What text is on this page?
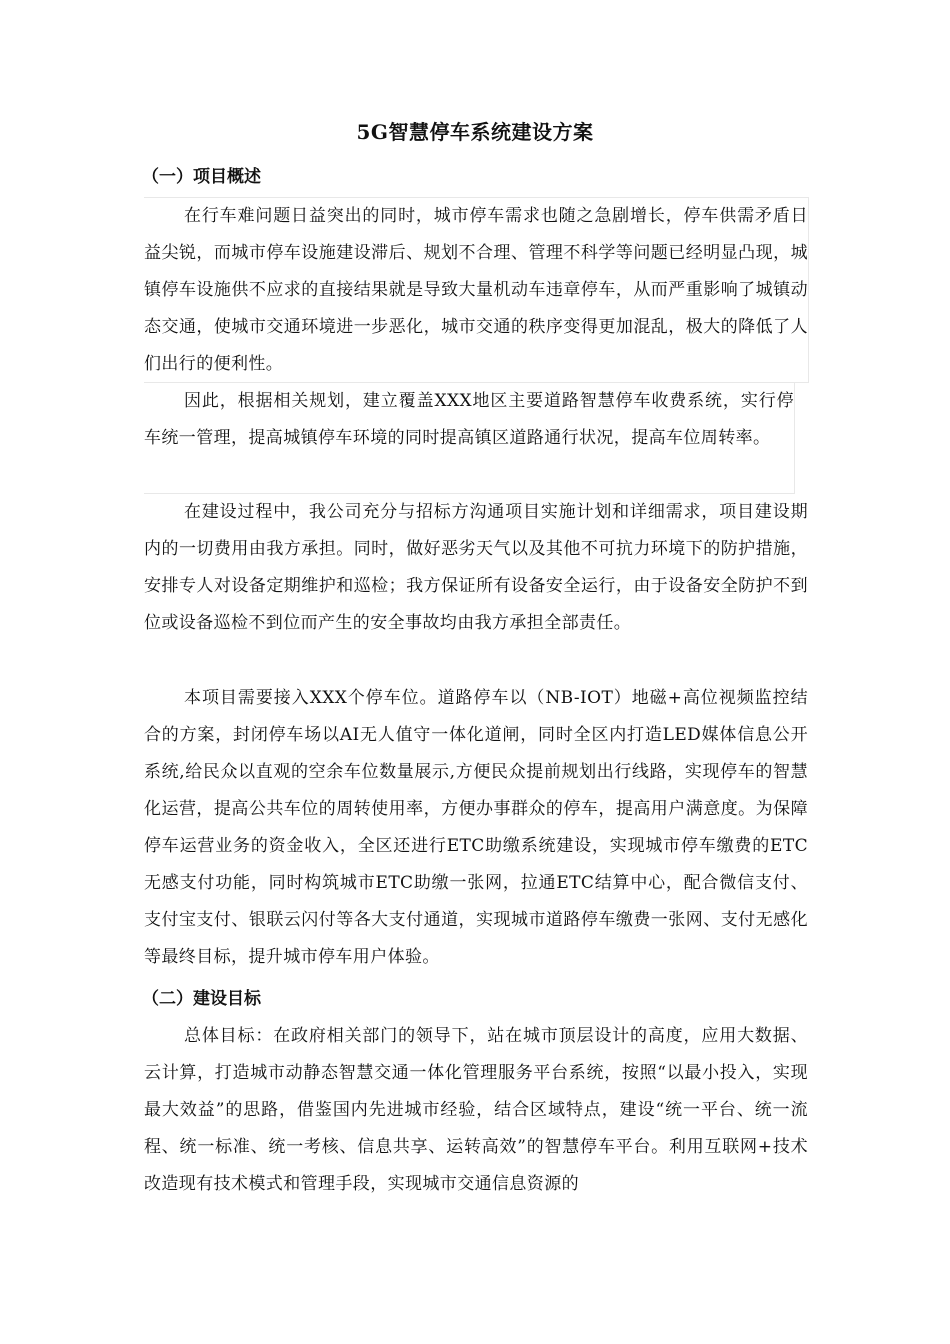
5G智慧停车系统建设方案
（一）项目概述
在行车难问题日益突出的同时，城市停车需求也随之急剧增长，停车供需矛盾日益尖锐，而城市停车设施建设滞后、规划不合理、管理不科学等问题已经明显凸现，城镇停车设施供不应求的直接结果就是导致大量机动车违章停车，从而严重影响了城镇动态交通，使城市交通环境进一步恶化，城市交通的秩序变得更加混乱，极大的降低了人们出行的便利性。
因此，根据相关规划，建立覆盖XXX地区主要道路智慧停车收费系统，实行停车统一管理，提高城镇停车环境的同时提高镇区道路通行状况，提高车位周转率。
在建设过程中，我公司充分与招标方沟通项目实施计划和详细需求，项目建设期内的一切费用由我方承担。同时，做好恶劣天气以及其他不可抗力环境下的防护措施，安排专人对设备定期维护和巡检；我方保证所有设备安全运行，由于设备安全防护不到位或设备巡检不到位而产生的安全事故均由我方承担全部责任。
本项目需要接入XXX个停车位。道路停车以（NB-IOT）地磁+高位视频监控结合的方案，封闭停车场以AI无人值守一体化道闸，同时全区内打造LED媒体信息公开系统,给民众以直观的空余车位数量展示,方便民众提前规划出行线路，实现停车的智慧化运营，提高公共车位的周转使用率，方便办事群众的停车，提高用户满意度。为保障停车运营业务的资金收入，全区还进行ETC助缴系统建设，实现城市停车缴费的ETC无感支付功能，同时构筑城市ETC助缴一张网，拉通ETC结算中心，配合微信支付、支付宝支付、银联云闪付等各大支付通道，实现城市道路停车缴费一张网、支付无感化等最终目标，提升城市停车用户体验。
（二）建设目标
总体目标：在政府相关部门的领导下，站在城市顶层设计的高度，应用大数据、云计算，打造城市动静态智慧交通一体化管理服务平台系统，按照“以最小投入，实现最大效益”的思路，借鉴国内先进城市经验，结合区域特点，建设“统一平台、统一流程、统一标准、统一考核、信息共享、运转高效”的智慧停车平台。利用互联网+技术改造现有技术模式和管理手段，实现城市交通信息资源的
